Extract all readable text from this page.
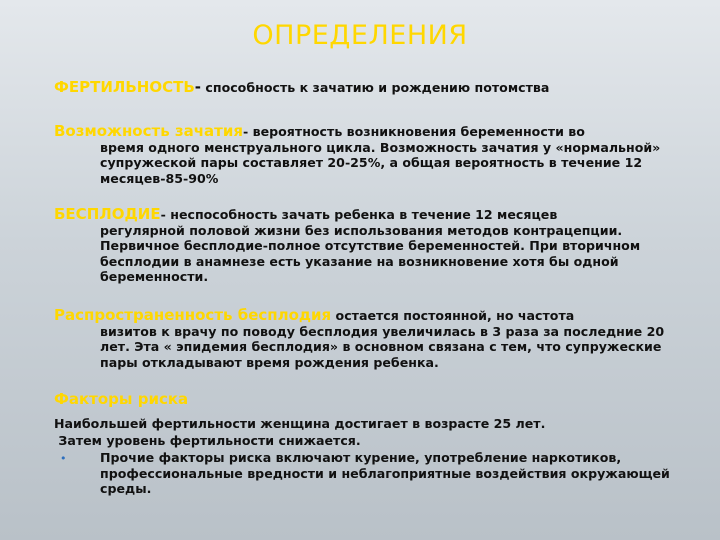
ОПРЕДЕЛЕНИЯ
ФЕРТИЛЬНОСТЬ- способность к зачатию и рождению потомства
Возможность зачатия- вероятность возникновения беременности во
время одного менструального цикла. Возможность зачатия у «нормальной» супружеской пары составляет 20-25%, а общая вероятность в течение 12 месяцев-85-90%
БЕСПЛОДИЕ- неспособность зачать ребенка в течение 12 месяцев
регулярной половой жизни без использования методов контрацепции. Первичное бесплодие-полное отсутствие беременностей. При вторичном бесплодии в анамнезе есть указание на возникновение хотя бы одной беременности.
Распространенность бесплодия остается постоянной, но частота
визитов к врачу по поводу бесплодия увеличилась в 3 раза за последние 20 лет. Эта « эпидемия бесплодия» в основном связана с тем, что супружеские пары откладывают время рождения ребенка.
Факторы риска
Наибольшей фертильности женщина достигает в возрасте 25 лет.
Затем уровень фертильности снижается.
•	Прочие факторы риска включают курение, употребление наркотиков, профессиональные вредности и неблагоприятные воздействия окружающей среды.
